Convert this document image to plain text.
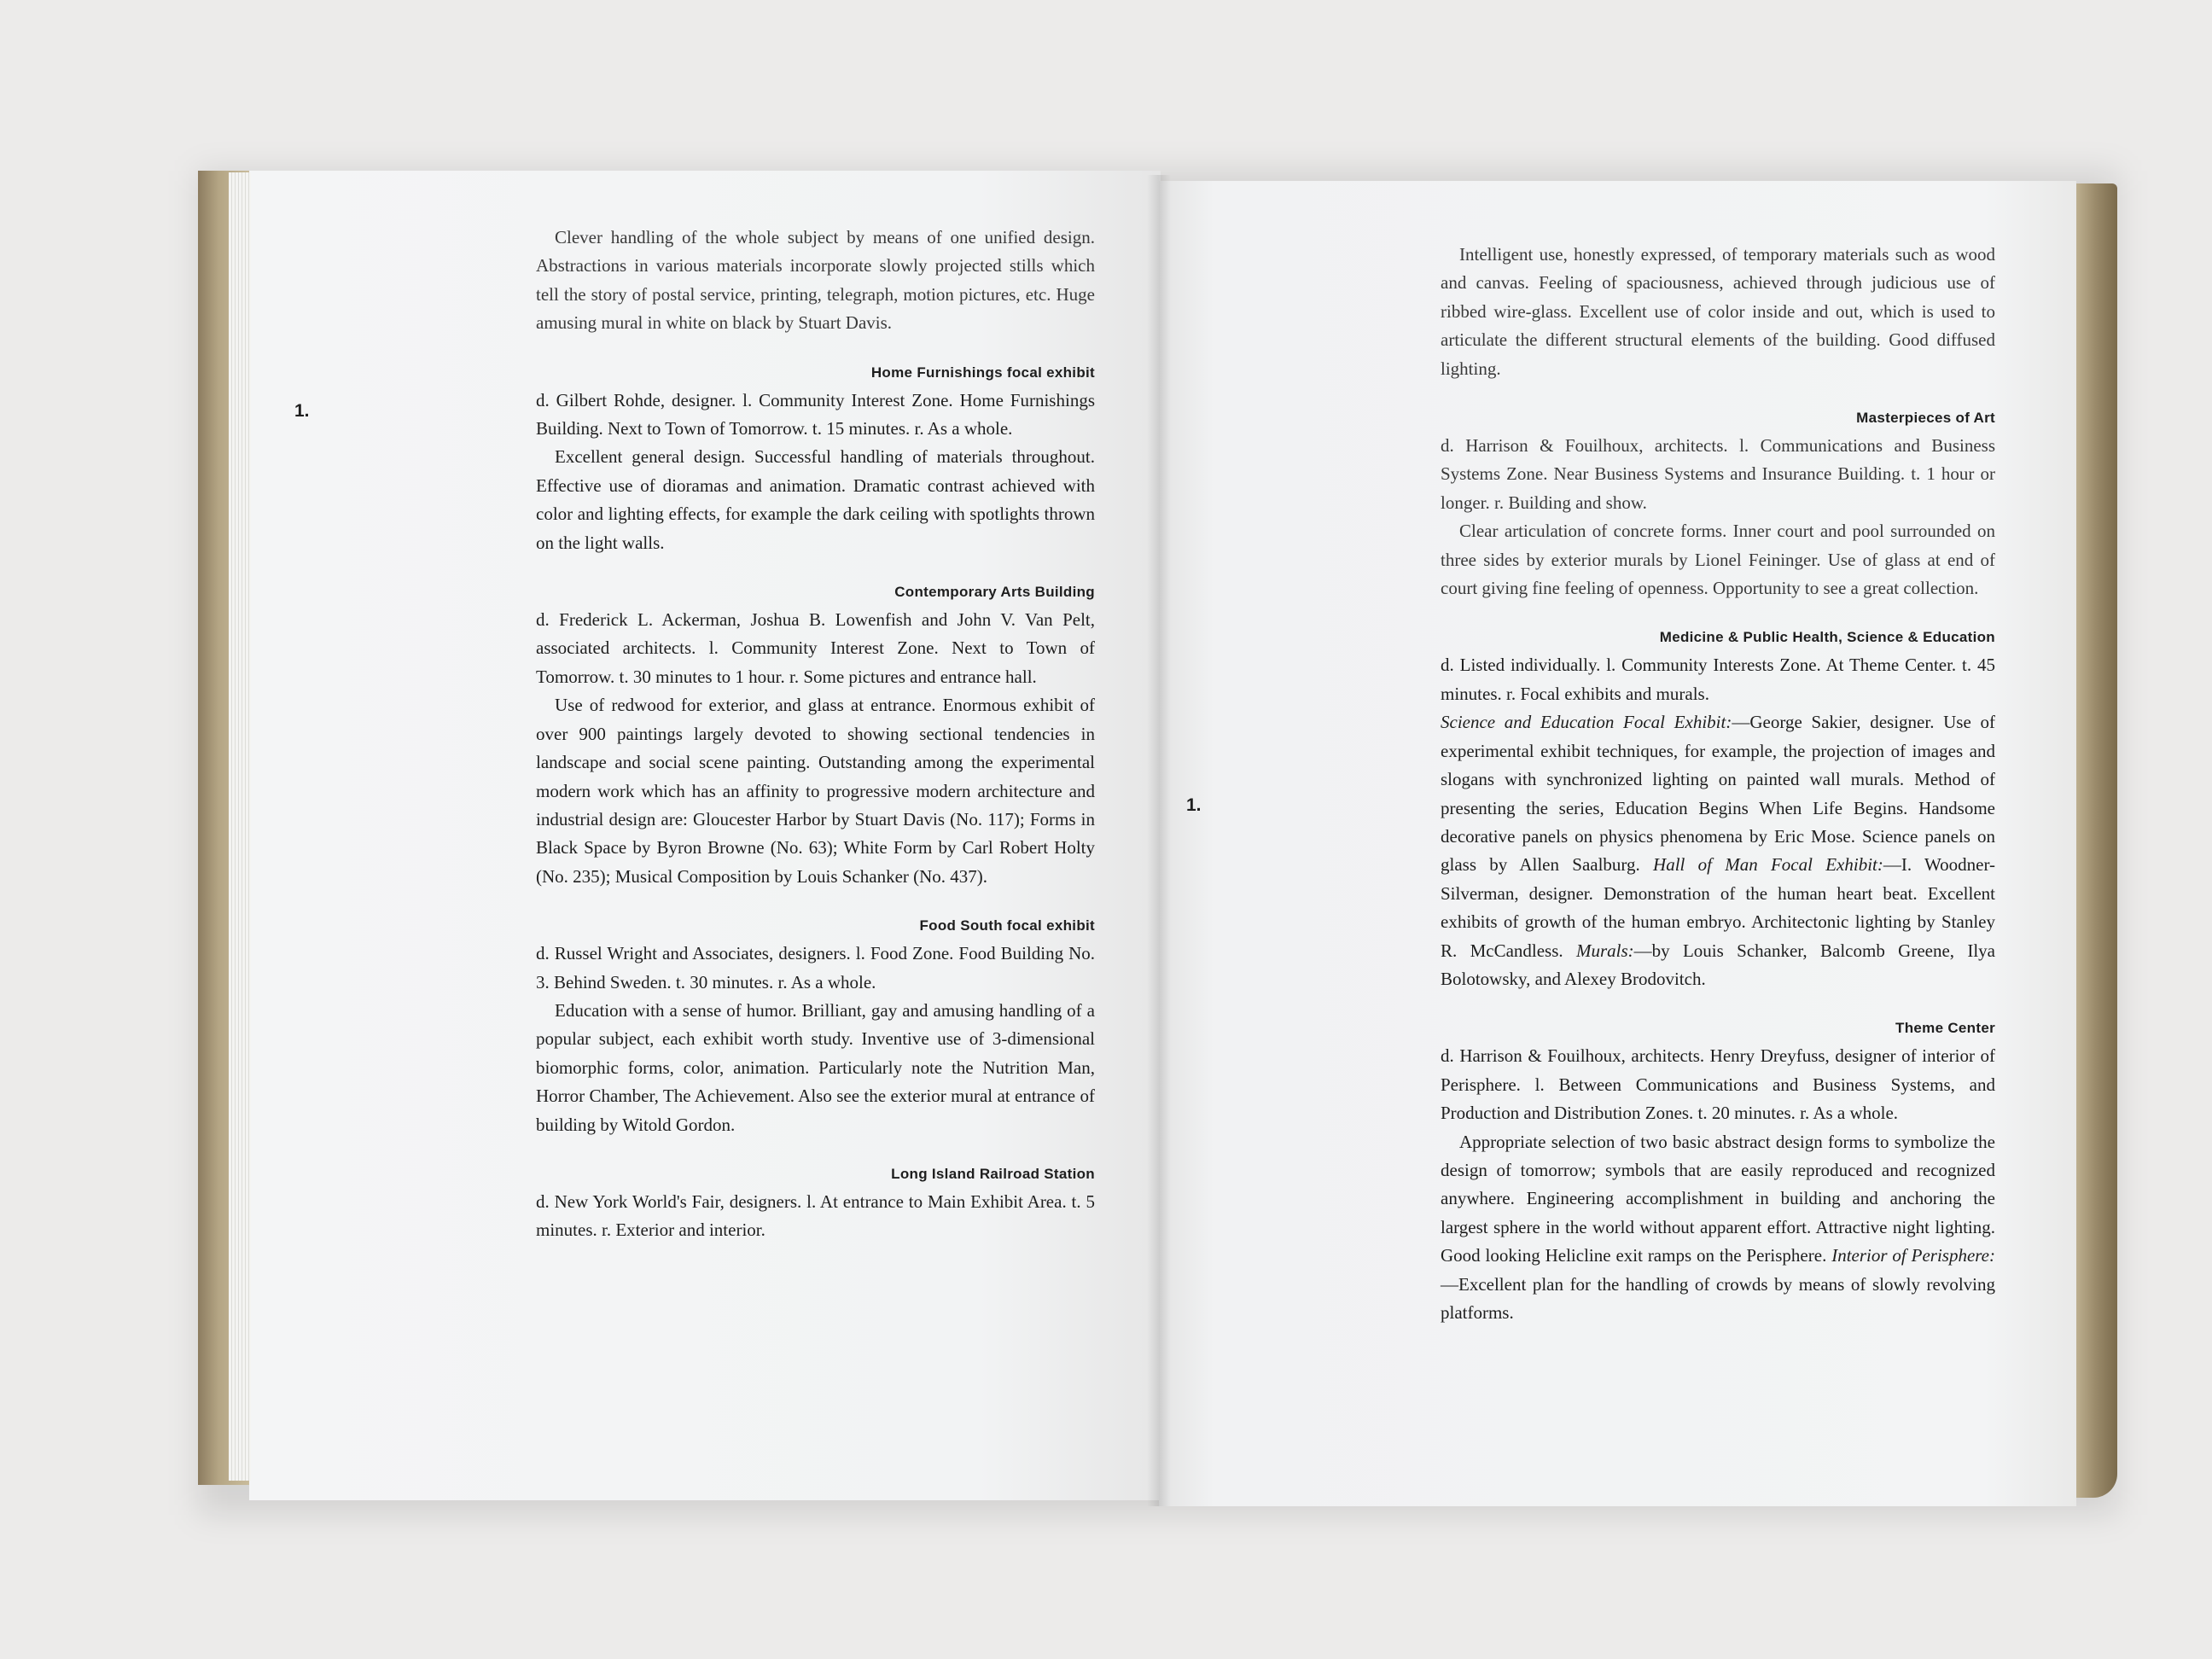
1.
1.

Clever handling of the whole subject by means of one unified design. Abstractions in various materials incorporate slowly projected stills which tell the story of postal service, printing, telegraph, motion pictures, etc. Huge amusing mural in white on black by Stuart Davis.

Home Furnishings focal exhibit

d. Gilbert Rohde, designer. l. Community Interest Zone. Home Furnishings Building. Next to Town of Tomorrow. t. 15 minutes. r. As a whole.

Excellent general design. Successful handling of materials throughout. Effective use of dioramas and animation. Dramatic contrast achieved with color and lighting effects, for example the dark ceiling with spotlights thrown on the light walls.

Contemporary Arts Building

d. Frederick L. Ackerman, Joshua B. Lowenfish and John V. Van Pelt, associated architects. l. Community Interest Zone. Next to Town of Tomorrow. t. 30 minutes to 1 hour. r. Some pictures and entrance hall.

Use of redwood for exterior, and glass at entrance. Enormous exhibit of over 900 paintings largely devoted to showing sectional tendencies in landscape and social scene painting. Outstanding among the experimental modern work which has an affinity to progressive modern architecture and industrial design are: Gloucester Harbor by Stuart Davis (No. 117); Forms in Black Space by Byron Browne (No. 63); White Form by Carl Robert Holty (No. 235); Musical Composition by Louis Schanker (No. 437).

Food South focal exhibit

d. Russel Wright and Associates, designers. l. Food Zone. Food Building No. 3. Behind Sweden. t. 30 minutes. r. As a whole.

Education with a sense of humor. Brilliant, gay and amusing handling of a popular subject, each exhibit worth study. Inventive use of 3-dimensional biomorphic forms, color, animation. Particularly note the Nutrition Man, Horror Chamber, The Achievement. Also see the exterior mural at entrance of building by Witold Gordon.

Long Island Railroad Station

d. New York World's Fair, designers. l. At entrance to Main Exhibit Area. t. 5 minutes. r. Exterior and interior.

Intelligent use, honestly expressed, of temporary materials such as wood and canvas. Feeling of spaciousness, achieved through judicious use of ribbed wire-glass. Excellent use of color inside and out, which is used to articulate the different structural elements of the building. Good diffused lighting.

Masterpieces of Art

d. Harrison & Fouilhoux, architects. l. Communications and Business Systems Zone. Near Business Systems and Insurance Building. t. 1 hour or longer. r. Building and show.

Clear articulation of concrete forms. Inner court and pool surrounded on three sides by exterior murals by Lionel Feininger. Use of glass at end of court giving fine feeling of openness. Opportunity to see a great collection.

Medicine & Public Health, Science & Education

d. Listed individually. l. Community Interests Zone. At Theme Center. t. 45 minutes. r. Focal exhibits and murals.

Science and Education Focal Exhibit:—George Sakier, designer. Use of experimental exhibit techniques, for example, the projection of images and slogans with synchronized lighting on painted wall murals. Method of presenting the series, Education Begins When Life Begins. Handsome decorative panels on physics phenomena by Eric Mose. Science panels on glass by Allen Saalburg. Hall of Man Focal Exhibit:—I. Woodner-Silverman, designer. Demonstration of the human heart beat. Excellent exhibits of growth of the human embryo. Architectonic lighting by Stanley R. McCandless. Murals:—by Louis Schanker, Balcomb Greene, Ilya Bolotowsky, and Alexey Brodovitch.

Theme Center

d. Harrison & Fouilhoux, architects. Henry Dreyfuss, designer of interior of Perisphere. l. Between Communications and Business Systems, and Production and Distribution Zones. t. 20 minutes. r. As a whole.

Appropriate selection of two basic abstract design forms to symbolize the design of tomorrow; symbols that are easily reproduced and recognized anywhere. Engineering accomplishment in building and anchoring the largest sphere in the world without apparent effort. Attractive night lighting. Good looking Helicline exit ramps on the Perisphere. Interior of Perisphere:—Excellent plan for the handling of crowds by means of slowly revolving platforms.
